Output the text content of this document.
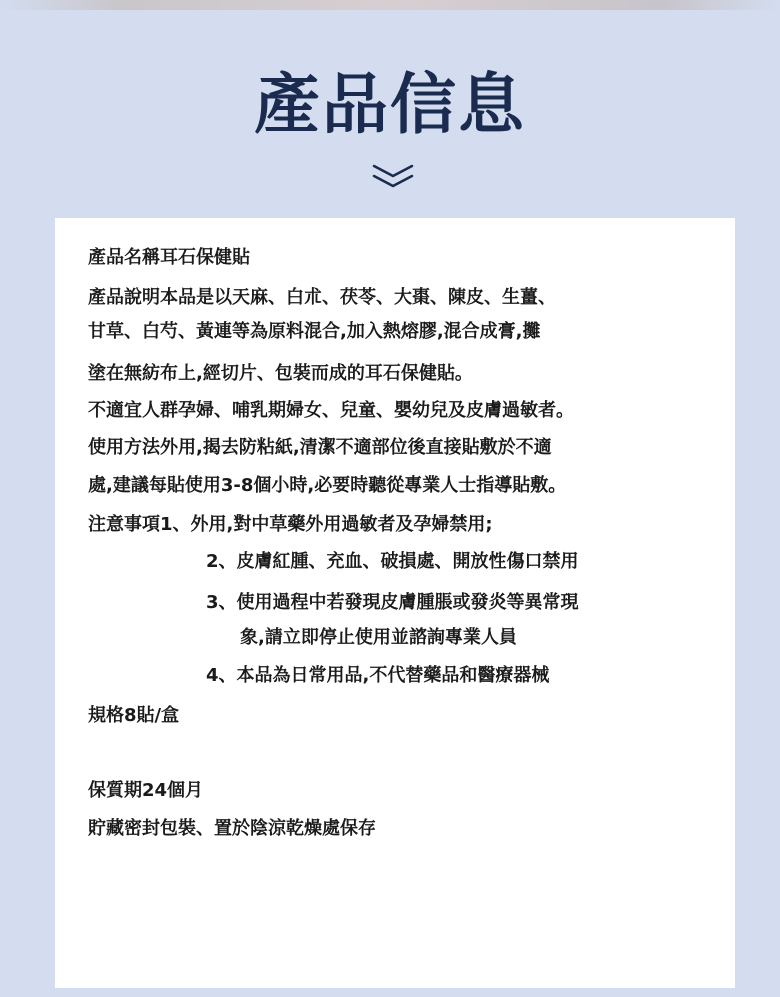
產品信息
產品名稱耳石保健貼
產品說明本品是以天麻、白朮、茯苓、大棗、陳皮、生薑、
甘草、白芍、黃連等為原料混合,加入熱熔膠,混合成膏,攤
塗在無紡布上,經切片、包裝而成的耳石保健貼。
不適宜人群孕婦、哺乳期婦女、兒童、嬰幼兒及皮膚過敏者。
使用方法外用,揭去防粘紙,清潔不適部位後直接貼敷於不適
處,建議每貼使用3-8個小時,必要時聽從專業人士指導貼敷。
注意事項1、外用,對中草藥外用過敏者及孕婦禁用;
2、皮膚紅腫、充血、破損處、開放性傷口禁用
3、使用過程中若發現皮膚腫脹或發炎等異常現
象,請立即停止使用並諮詢專業人員
4、本品為日常用品,不代替藥品和醫療器械
規格8貼/盒
保質期24個月
貯藏密封包裝、置於陰涼乾燥處保存
